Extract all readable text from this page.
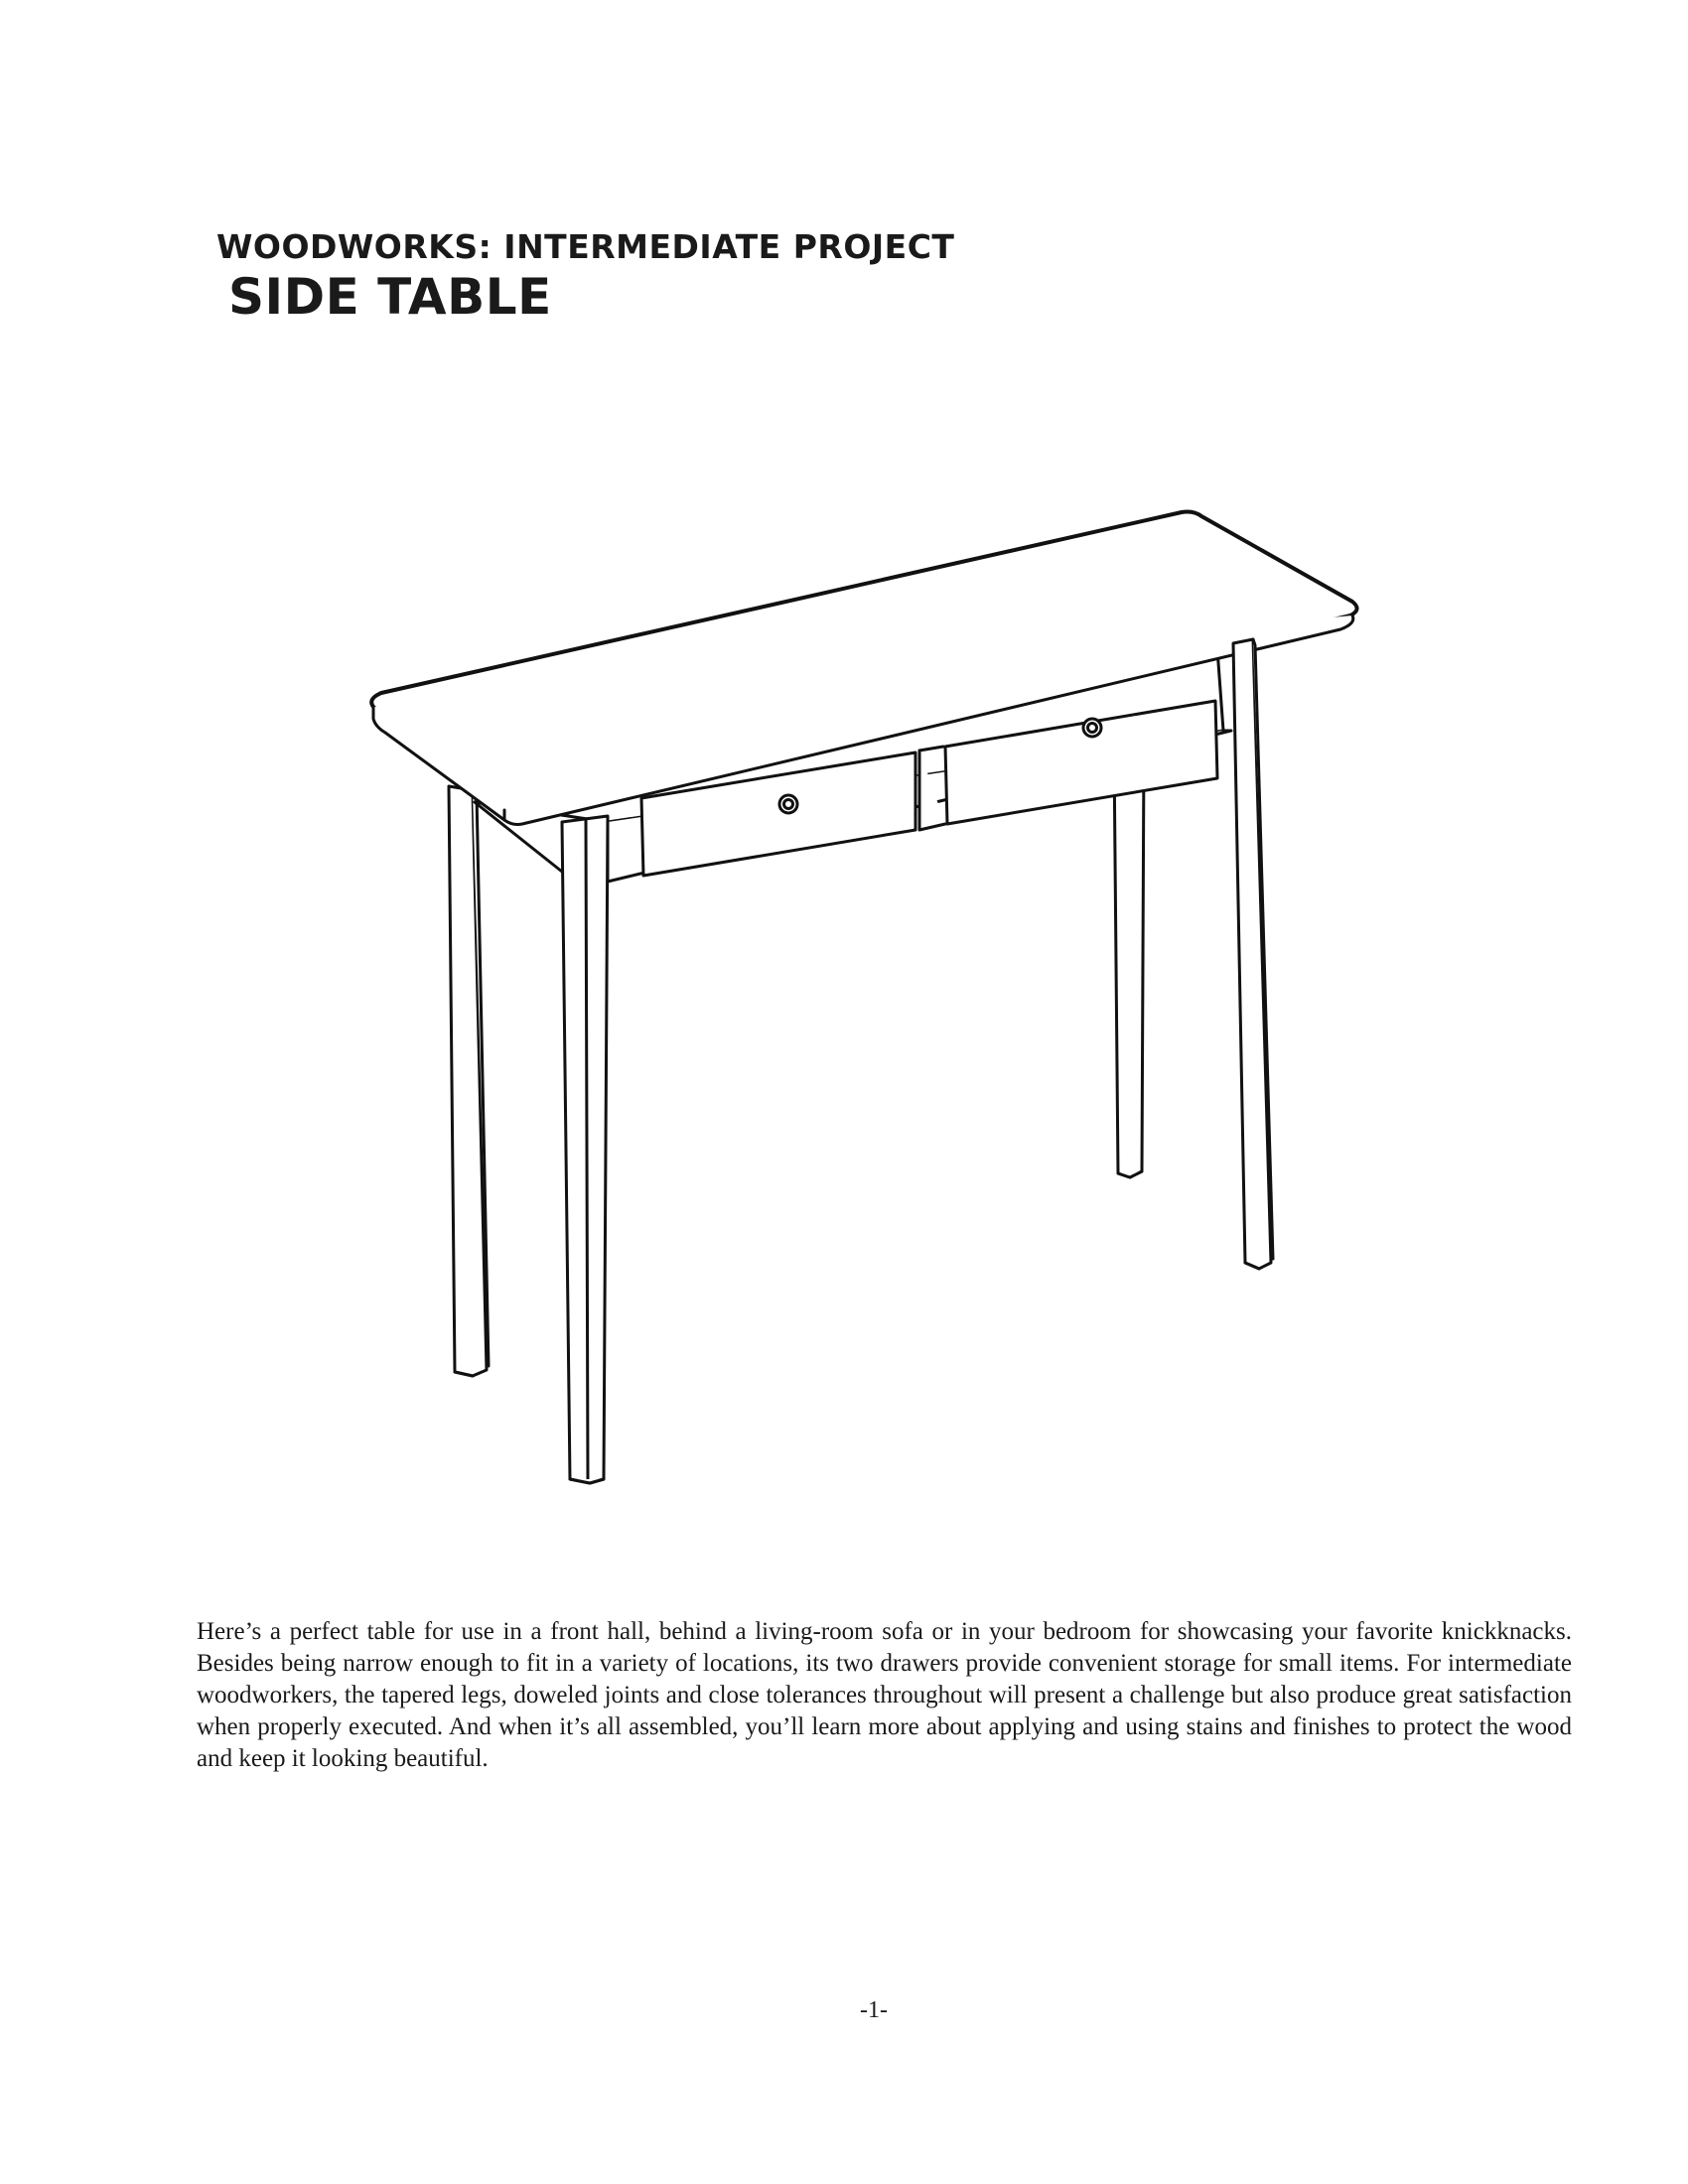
WOODWORKS: INTERMEDIATE PROJECT
SIDE TABLE

Here’s a perfect table for use in a front hall, behind a living-room sofa or in your bedroom for showcasing your favorite knickknacks. Besides being narrow enough to fit in a variety of locations, its two drawers provide convenient storage for small items. For intermediate woodworkers, the tapered legs, doweled joints and close tolerances throughout will present a challenge but also produce great satisfaction when properly executed. And when it’s all assembled, you’ll learn more about applying and using stains and finishes to protect the wood and keep it looking beautiful.

-1-
